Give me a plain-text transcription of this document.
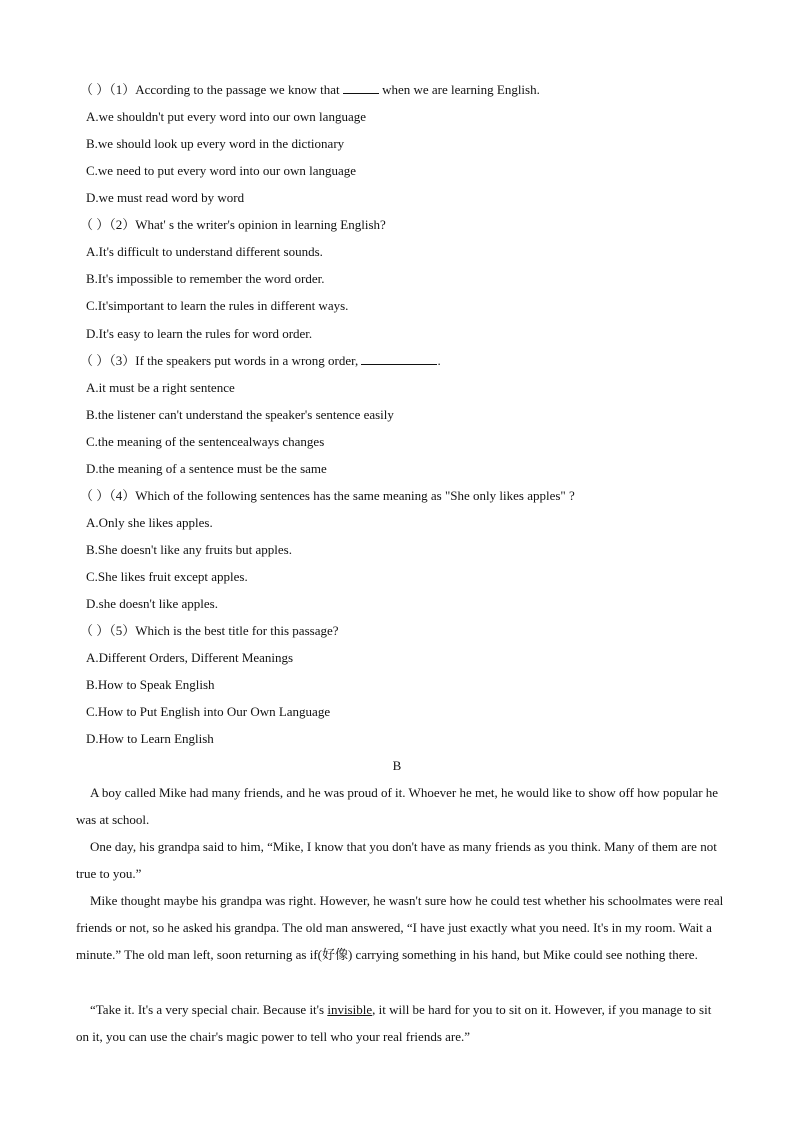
（ ）（1）According to the passage we know that	when we are learning English.
A.we shouldn't put every word into our own language
B.we should look up every word in the dictionary
C.we need to put every word into our own language
D.we must read word by word
（ ）（2）What' s the writer's opinion in learning English?
A.It's difficult to understand different sounds.
B.It's impossible to remember the word order.
C.It'simportant to learn the rules in different ways.
D.It's easy to learn the rules for word order.
（ ）（3）If the speakers put words in a wrong order,	.
A.it must be a right sentence
B.the listener can't understand the speaker's sentence easily
C.the meaning of the sentencealways changes
D.the meaning of a sentence must be the same
（ ）（4）Which of the following sentences has the same meaning as "She only likes apples" ?
A.Only she likes apples.
B.She doesn't like any fruits but apples.
C.She likes fruit except apples.
D.she doesn't like apples.
（ ）（5）Which is the best title for this passage?
A.Different Orders, Different Meanings
B.How to Speak English
C.How to Put English into Our Own Language
D.How to Learn English
B
A boy called Mike had many friends, and he was proud of it. Whoever he met, he would like to show off how popular he was at school.
One day, his grandpa said to him, “Mike, I know that you don't have as many friends as you think. Many of them are not true to you.”
Mike thought maybe his grandpa was right. However, he wasn't sure how he could test whether his schoolmates were real friends or not, so he asked his grandpa. The old man answered, “I have just exactly what you need. It's in my room. Wait a minute.” The old man left, soon returning as if(好像) carrying something in his hand, but Mike could see nothing there.
“Take it. It's a very special chair. Because it's invisible, it will be hard for you to sit on it. However, if you manage to sit on it, you can use the chair's magic power to tell who your real friends are.”
